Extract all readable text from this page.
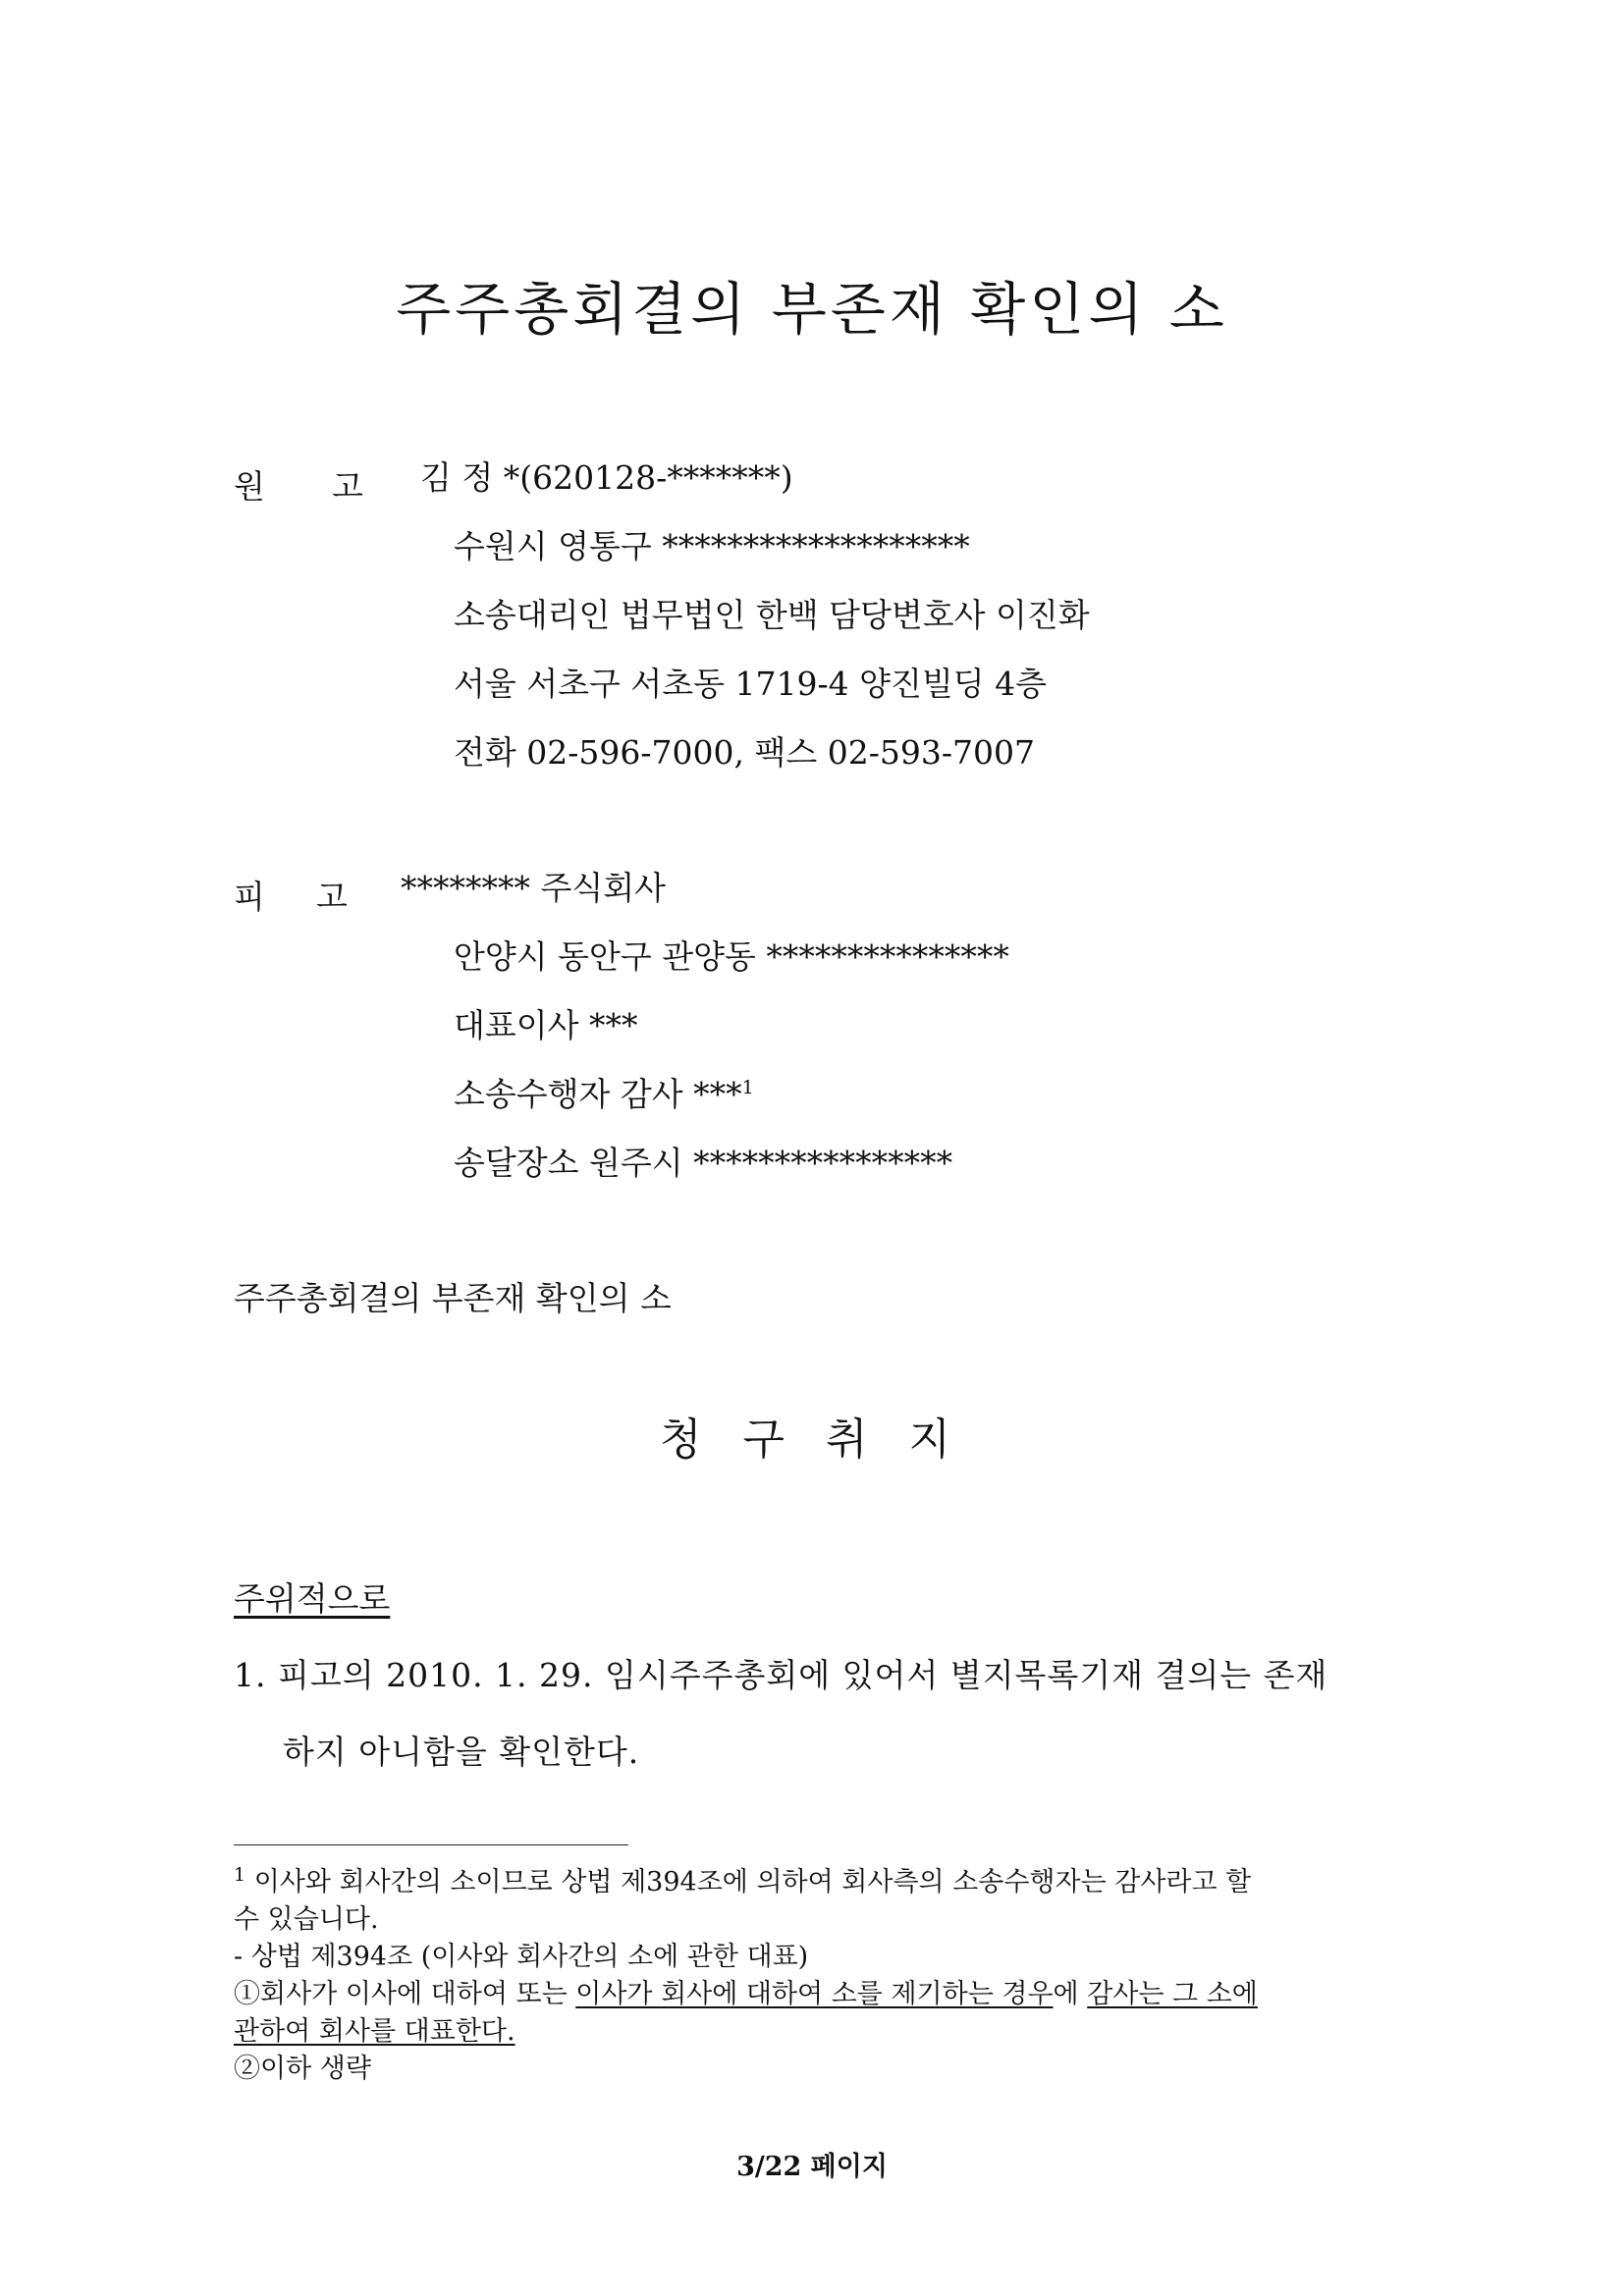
주주총회결의 부존재 확인의 소
원 고 김 정 *(620128-*******)
수원시 영통구 *******************
소송대리인 법무법인 한백 담당변호사 이진화
서울 서초구 서초동 1719-4 양진빌딩 4층
전화 02-596-7000, 팩스 02-593-7007
피 고 ******** 주식회사
안양시 동안구 관양동 ***************
대표이사 ***
소송수행자 감사 ***$^1$
송달장소 원주시 ****************
주주총회결의 부존재 확인의 소
청 구 취 지
주위적으로
1. 피고의 2010. 1. 29. 임시주주총회에 있어서 별지목록기재 결의는 존재
하지 아니함을 확인한다.
$^1$ 이사와 회사간의 소이므로 상법 제394조에 의하여 회사측의 소송수행자는 감사라고 할
수 있습니다.
- 상법 제394조 (이사와 회사간의 소에 관한 대표)
①회사가 이사에 대하여 또는 이사가 회사에 대하여 소를 제기하는 경우에 감사는 그 소에
관하여 회사를 대표한다.
②이하 생략
3/22 페이지
